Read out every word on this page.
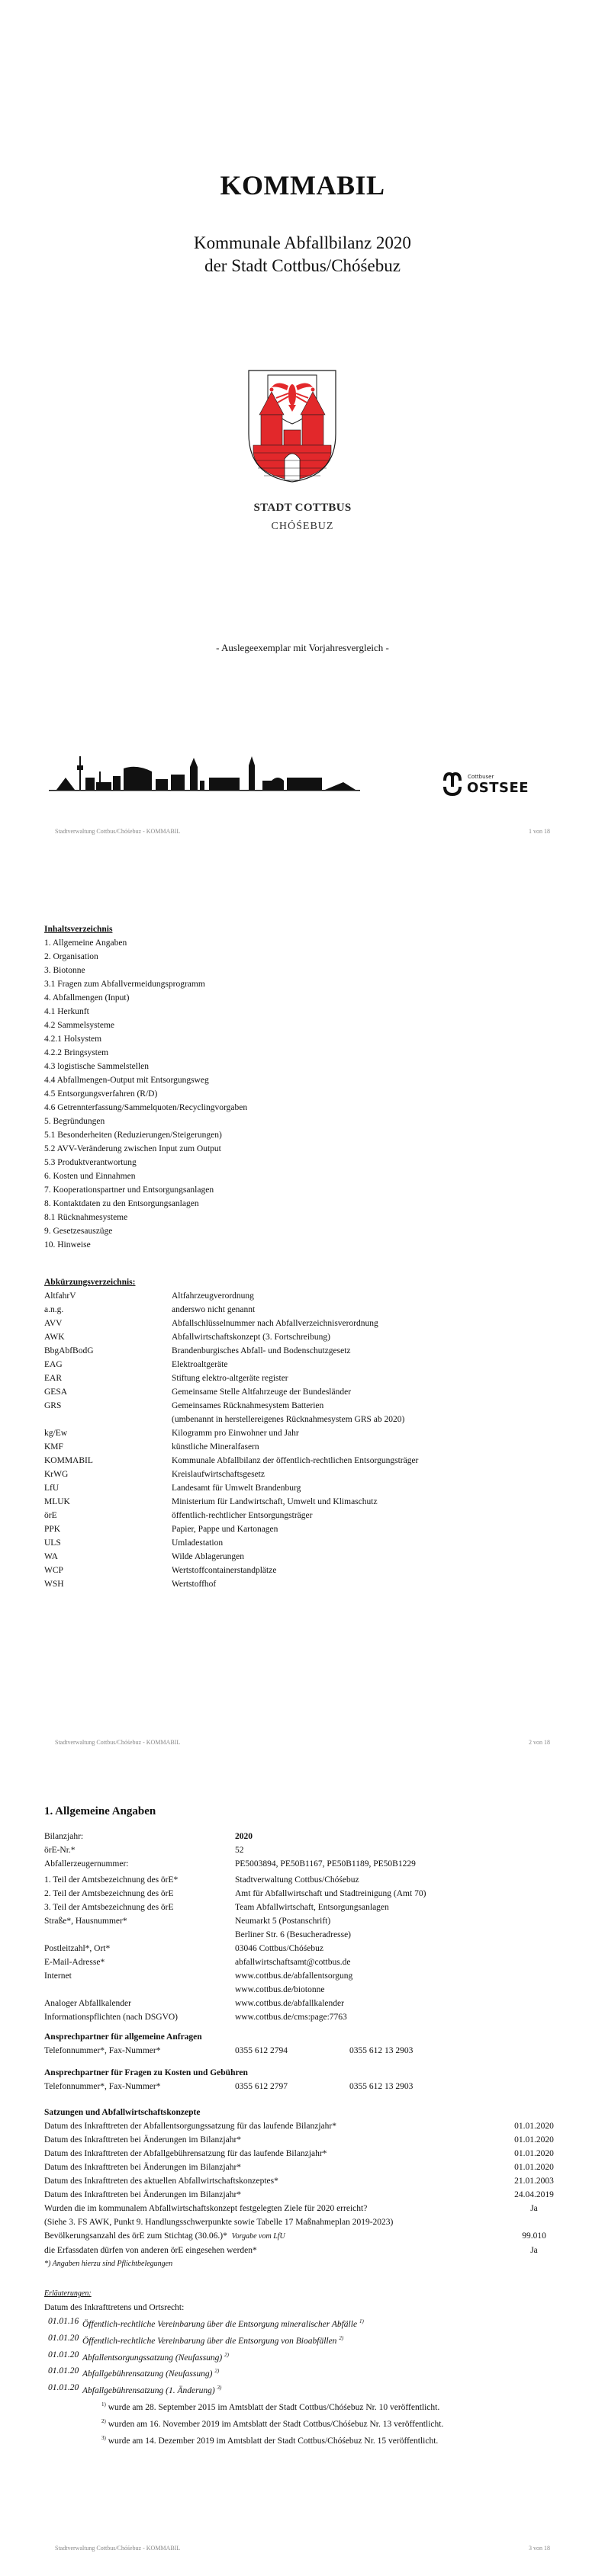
KOMMABIL
Kommunale Abfallbilanz 2020
der Stadt Cottbus/Chóśebuz
STADT COTTBUS
CHÓŚEBUZ
- Auslegeexemplar mit Vorjahresvergleich -
Cottbuser
OSTSEE
Stadtverwaltung Cottbus/Chóśebuz - KOMMABIL	1 von 18
Inhaltsverzeichnis
1. Allgemeine Angaben
2. Organisation
3. Biotonne
3.1 Fragen zum Abfallvermeidungsprogramm
4. Abfallmengen (Input)
4.1 Herkunft
4.2 Sammelsysteme
4.2.1 Holsystem
4.2.2 Bringsystem
4.3 logistische Sammelstellen
4.4 Abfallmengen-Output mit Entsorgungsweg
4.5 Entsorgungsverfahren (R/D)
4.6 Getrennterfassung/Sammelquoten/Recyclingvorgaben
5. Begründungen
5.1 Besonderheiten (Reduzierungen/Steigerungen)
5.2 AVV-Veränderung zwischen Input zum Output
5.3 Produktverantwortung
6. Kosten und Einnahmen
7. Kooperationspartner und Entsorgungsanlagen
8. Kontaktdaten zu den Entsorgungsanlagen
8.1 Rücknahmesysteme
9. Gesetzesauszüge
10. Hinweise
Abkürzungsverzeichnis:
AltfahrV	Altfahrzeugverordnung
a.n.g.	anderswo nicht genannt
AVV	Abfallschlüsselnummer nach Abfallverzeichnisverordnung
AWK	Abfallwirtschaftskonzept (3. Fortschreibung)
BbgAbfBodG	Brandenburgisches Abfall- und Bodenschutzgesetz
EAG	Elektroaltgeräte
EAR	Stiftung elektro-altgeräte register
GESA	Gemeinsame Stelle Altfahrzeuge der Bundesländer
GRS	Gemeinsames Rücknahmesystem Batterien
(umbenannt in herstellereigenes Rücknahmesystem GRS ab 2020)
kg/Ew	Kilogramm pro Einwohner und Jahr
KMF	künstliche Mineralfasern
KOMMABIL	Kommunale Abfallbilanz der öffentlich-rechtlichen Entsorgungsträger
KrWG	Kreislaufwirtschaftsgesetz
LfU	Landesamt für Umwelt Brandenburg
MLUK	Ministerium für Landwirtschaft, Umwelt und Klimaschutz
örE	öffentlich-rechtlicher Entsorgungsträger
PPK	Papier, Pappe und Kartonagen
ULS	Umladestation
WA	Wilde Ablagerungen
WCP	Wertstoffcontainerstandplätze
WSH	Wertstoffhof
Stadtverwaltung Cottbus/Chóśebuz - KOMMABIL	2 von 18
1. Allgemeine Angaben
Bilanzjahr:	2020
örE-Nr.*	52
Abfallerzeugernummer:	PE5003894, PE50B1167, PE50B1189, PE50B1229
1. Teil der Amtsbezeichnung des örE*	Stadtverwaltung Cottbus/Chóśebuz
2. Teil der Amtsbezeichnung des örE	Amt für Abfallwirtschaft und Stadtreinigung (Amt 70)
3. Teil der Amtsbezeichnung des örE	Team Abfallwirtschaft, Entsorgungsanlagen
Straße*, Hausnummer*	Neumarkt 5 (Postanschrift)
Berliner Str. 6 (Besucheradresse)
Postleitzahl*, Ort*	03046 Cottbus/Chóśebuz
E-Mail-Adresse*	abfallwirtschaftsamt@cottbus.de
Internet	www.cottbus.de/abfallentsorgung
www.cottbus.de/biotonne
Analoger Abfallkalender	www.cottbus.de/abfallkalender
Informationspflichten (nach DSGVO)	www.cottbus.de/cms:page:7763
Ansprechpartner für allgemeine Anfragen
Telefonnummer*, Fax-Nummer*	0355 612 2794	0355 612 13 2903
Ansprechpartner für Fragen zu Kosten und Gebühren
Telefonnummer*, Fax-Nummer*	0355 612 2797	0355 612 13 2903
Satzungen und Abfallwirtschaftskonzepte
Datum des Inkrafttreten der Abfallentsorgungssatzung für das laufende Bilanzjahr*	01.01.2020
Datum des Inkrafttreten bei Änderungen im Bilanzjahr*	01.01.2020
Datum des Inkrafttreten der Abfallgebührensatzung für das laufende Bilanzjahr*	01.01.2020
Datum des Inkrafttreten bei Änderungen im Bilanzjahr*	01.01.2020
Datum des Inkrafttreten des aktuellen Abfallwirtschaftskonzeptes*	21.01.2003
Datum des Inkrafttreten bei Änderungen im Bilanzjahr*	24.04.2019
Wurden die im kommunalem Abfallwirtschaftskonzept festgelegten Ziele für 2020 erreicht?	Ja
(Siehe 3. FS AWK, Punkt 9. Handlungsschwerpunkte sowie Tabelle 17 Maßnahmeplan 2019-2023)
Bevölkerungsanzahl des örE zum Stichtag (30.06.)* Vorgabe vom LfU	99.010
die Erfassdaten dürfen von anderen örE eingesehen werden*	Ja
*) Angaben hierzu sind Pflichtbelegungen
Erläuterungen:
Datum des Inkrafttretens und Ortsrecht:
01.01.16 Öffentlich-rechtliche Vereinbarung über die Entsorgung mineralischer Abfälle $^{1)}$
01.01.20 Öffentlich-rechtliche Vereinbarung über die Entsorgung von Bioabfällen $^{2)}$
01.01.20 Abfallentsorgungssatzung (Neufassung) $^{2)}$
01.01.20 Abfallgebührensatzung (Neufassung) $^{2)}$
01.01.20 Abfallgebührensatzung (1. Änderung) $^{3)}$
$^{1)}$ wurde am 28. September 2015 im Amtsblatt der Stadt Cottbus/Chóśebuz Nr. 10 veröffentlicht.
$^{2)}$ wurden am 16. November 2019 im Amtsblatt der Stadt Cottbus/Chóśebuz Nr. 13 veröffentlicht.
$^{3)}$ wurde am 14. Dezember 2019 im Amtsblatt der Stadt Cottbus/Chóśebuz Nr. 15 veröffentlicht.
Stadtverwaltung Cottbus/Chóśebuz - KOMMABIL	3 von 18
